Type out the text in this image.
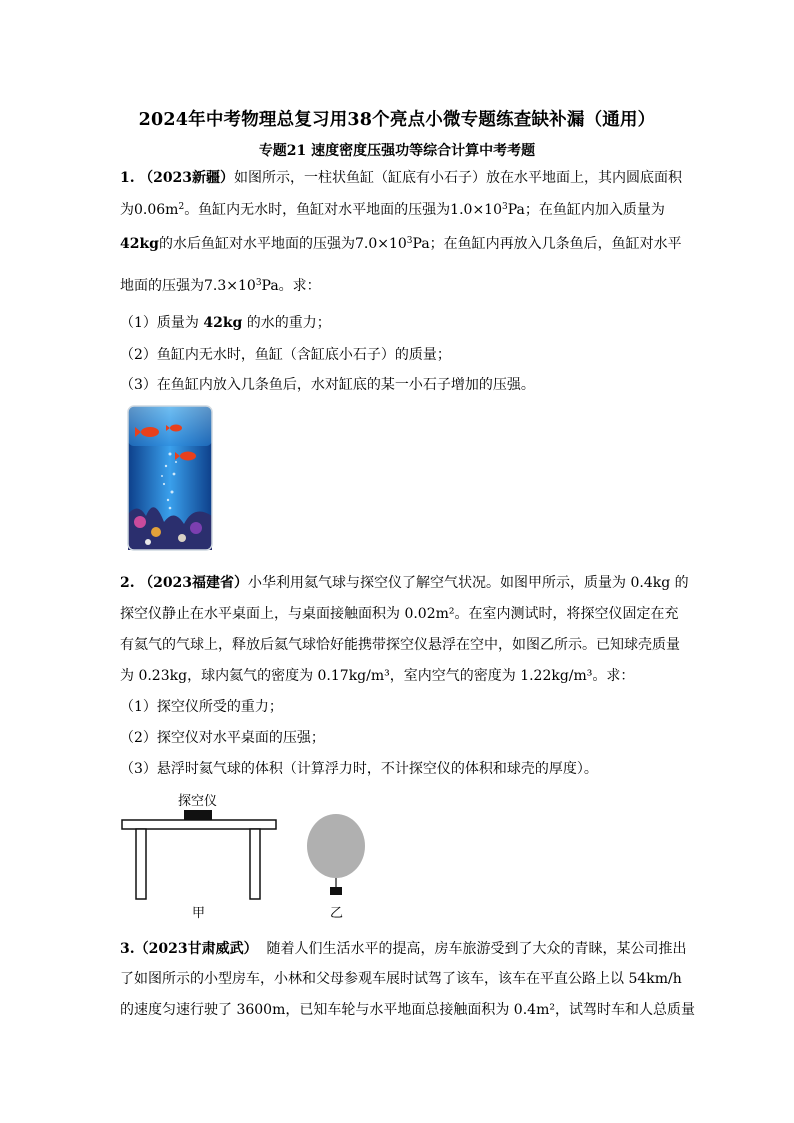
2024年中考物理总复习用38个亮点小微专题练查缺补漏（通用）
专题21 速度密度压强功等综合计算中考考题
1. （2023新疆）如图所示，一柱状鱼缸（缸底有小石子）放在水平地面上，其内圆底面积
为$0.06m^2$。鱼缸内无水时，鱼缸对水平地面的压强为$1.0\times 10^3Pa$；在鱼缸内加入质量为
42kg的水后鱼缸对水平地面的压强为$7.0\times 10^3Pa$；在鱼缸内再放入几条鱼后，鱼缸对水平
地面的压强为$7.3\times 10^3Pa$。求：
（1）质量为 42kg 的水的重力；
（2）鱼缸内无水时，鱼缸（含缸底小石子）的质量；
（3）在鱼缸内放入几条鱼后，水对缸底的某一小石子增加的压强。
2. （2023福建省）小华利用氦气球与探空仪了解空气状况。如图甲所示，质量为 0.4kg 的
探空仪静止在水平桌面上，与桌面接触面积为 0.02m²。在室内测试时，将探空仪固定在充
有氦气的气球上，释放后氦气球恰好能携带探空仪悬浮在空中，如图乙所示。已知球壳质量
为 0.23kg，球内氦气的密度为 0.17kg/m³，室内空气的密度为 1.22kg/m³。求：
（1）探空仪所受的重力；
（2）探空仪对水平桌面的压强；
（3）悬浮时氦气球的体积（计算浮力时，不计探空仪的体积和球壳的厚度）。
探空仪
甲	乙
3.（2023甘肃威武） 随着人们生活水平的提高，房车旅游受到了大众的青睐，某公司推出
了如图所示的小型房车，小林和父母参观车展时试驾了该车，该车在平直公路上以 54km/h
的速度匀速行驶了 3600m，已知车轮与水平地面总接触面积为 0.4m²，试驾时车和人总质量
